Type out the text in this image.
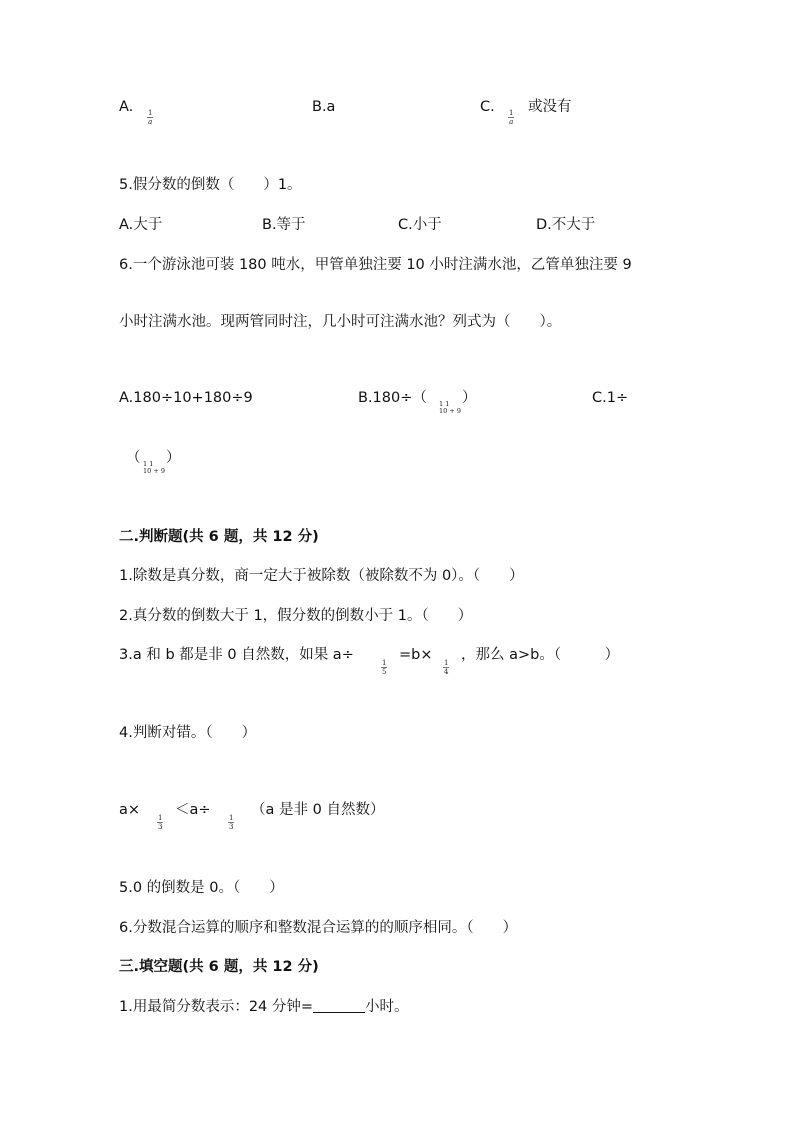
A. 1
a
B.a	C. 1
a
或没有
5.假分数的倒数（　　）1。
A.大于	B.等于	C.小于	D.不大于
6.一个游泳池可装 180 吨水，甲管单独注要 10 小时注满水池，乙管单独注要 9
小时注满水池。现两管同时注，几小时可注满水池？列式为（　　）。
A.180÷10+180÷9	B.180÷（ 1 1
10 + 9
）	C.1÷
（ 1 1
10 + 9
）
二.判断题(共 6 题，共 12 分)
1.除数是真分数，商一定大于被除数（被除数不为 0）。（　　）
2.真分数的倒数大于 1，假分数的倒数小于 1。（　　）
3.a 和 b 都是非 0 自然数，如果 a÷	1
5
=b× 1
4
，那么 a>b。（　　　）
4.判断对错。（　　）
a×	1
3
＜a÷	1
3
（a 是非 0 自然数）
5.0 的倒数是 0。（　　）
6.分数混合运算的顺序和整数混合运算的的顺序相同。（　　）
三.填空题(共 6 题，共 12 分)
1.用最简分数表示：24 分钟=	小时。
